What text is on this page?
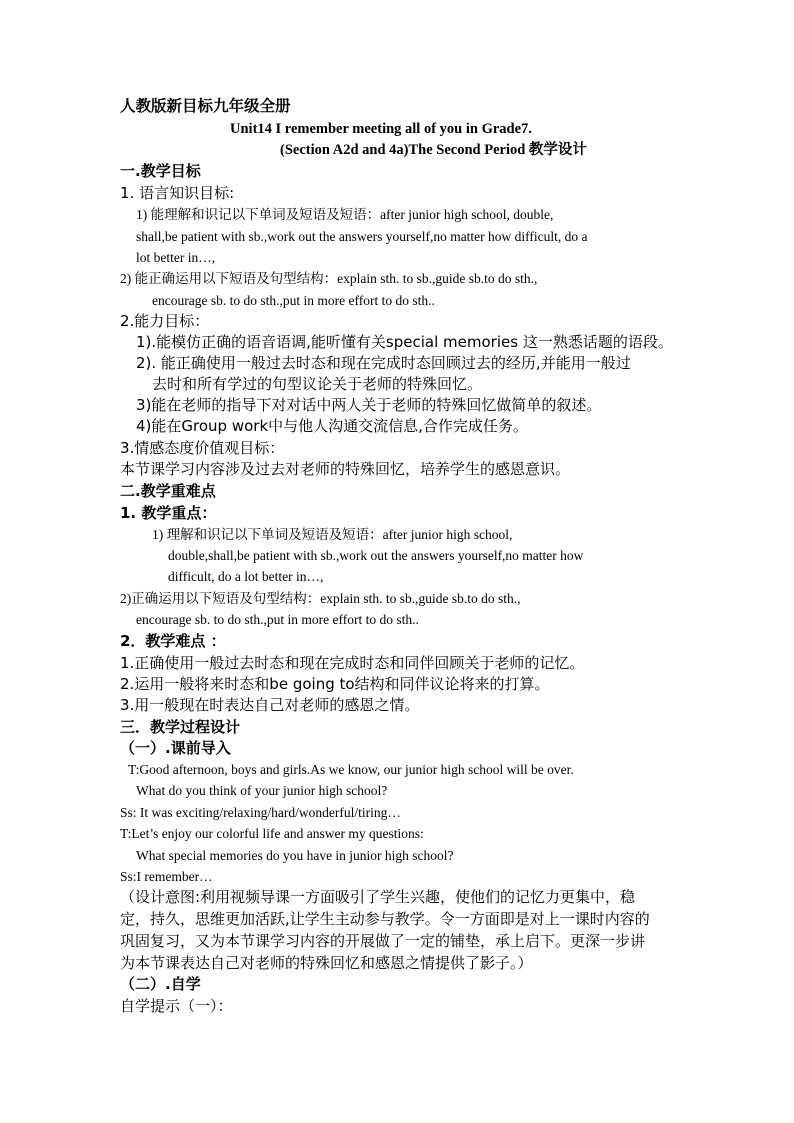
人教版新目标九年级全册
Unit14 I remember meeting all of you in Grade7.
(Section A2d and 4a)The Second Period 教学设计
一.教学目标
1. 语言知识目标:
1) 能理解和识记以下单词及短语及短语：after junior high school, double,
shall,be patient with sb.,work out the answers yourself,no matter how difficult, do a
lot better in…,
2) 能正确运用以下短语及句型结构：explain sth. to sb.,guide sb.to do sth.,
encourage sb. to do sth.,put in more effort to do sth..
2.能力目标：
1).能模仿正确的语音语调,能听懂有关special memories 这一熟悉话题的语段。
2). 能正确使用一般过去时态和现在完成时态回顾过去的经历,并能用一般过
去时和所有学过的句型议论关于老师的特殊回忆。
3)能在老师的指导下对对话中两人关于老师的特殊回忆做简单的叙述。
4)能在Group work中与他人沟通交流信息,合作完成任务。
3.情感态度价值观目标：
本节课学习内容涉及过去对老师的特殊回忆，培养学生的感恩意识。
二.教学重难点
1. 教学重点：
1) 理解和识记以下单词及短语及短语：after junior high school,
double,shall,be patient with sb.,work out the answers yourself,no matter how
difficult, do a lot better in…,
2)正确运用以下短语及句型结构：explain sth. to sb.,guide sb.to do sth.,
encourage sb. to do sth.,put in more effort to do sth..
2．教学难点 ：
1.正确使用一般过去时态和现在完成时态和同伴回顾关于老师的记忆。
2.运用一般将来时态和be going to结构和同伴议论将来的打算。
3.用一般现在时表达自己对老师的感恩之情。
三．教学过程设计
（一）.课前导入
T:Good afternoon, boys and girls.As we know, our junior high school will be over.
What do you think of your junior high school?
Ss: It was exciting/relaxing/hard/wonderful/tiring…
T:Let’s enjoy our colorful life and answer my questions:
What special memories do you have in junior high school?
Ss:I remember…
（设计意图:利用视频导课一方面吸引了学生兴趣，使他们的记忆力更集中，稳
定，持久，思维更加活跃,让学生主动参与教学。令一方面即是对上一课时内容的
巩固复习，又为本节课学习内容的开展做了一定的铺垫，承上启下。更深一步讲
为本节课表达自己对老师的特殊回忆和感恩之情提供了影子。）
（二）.自学
自学提示（一）：
